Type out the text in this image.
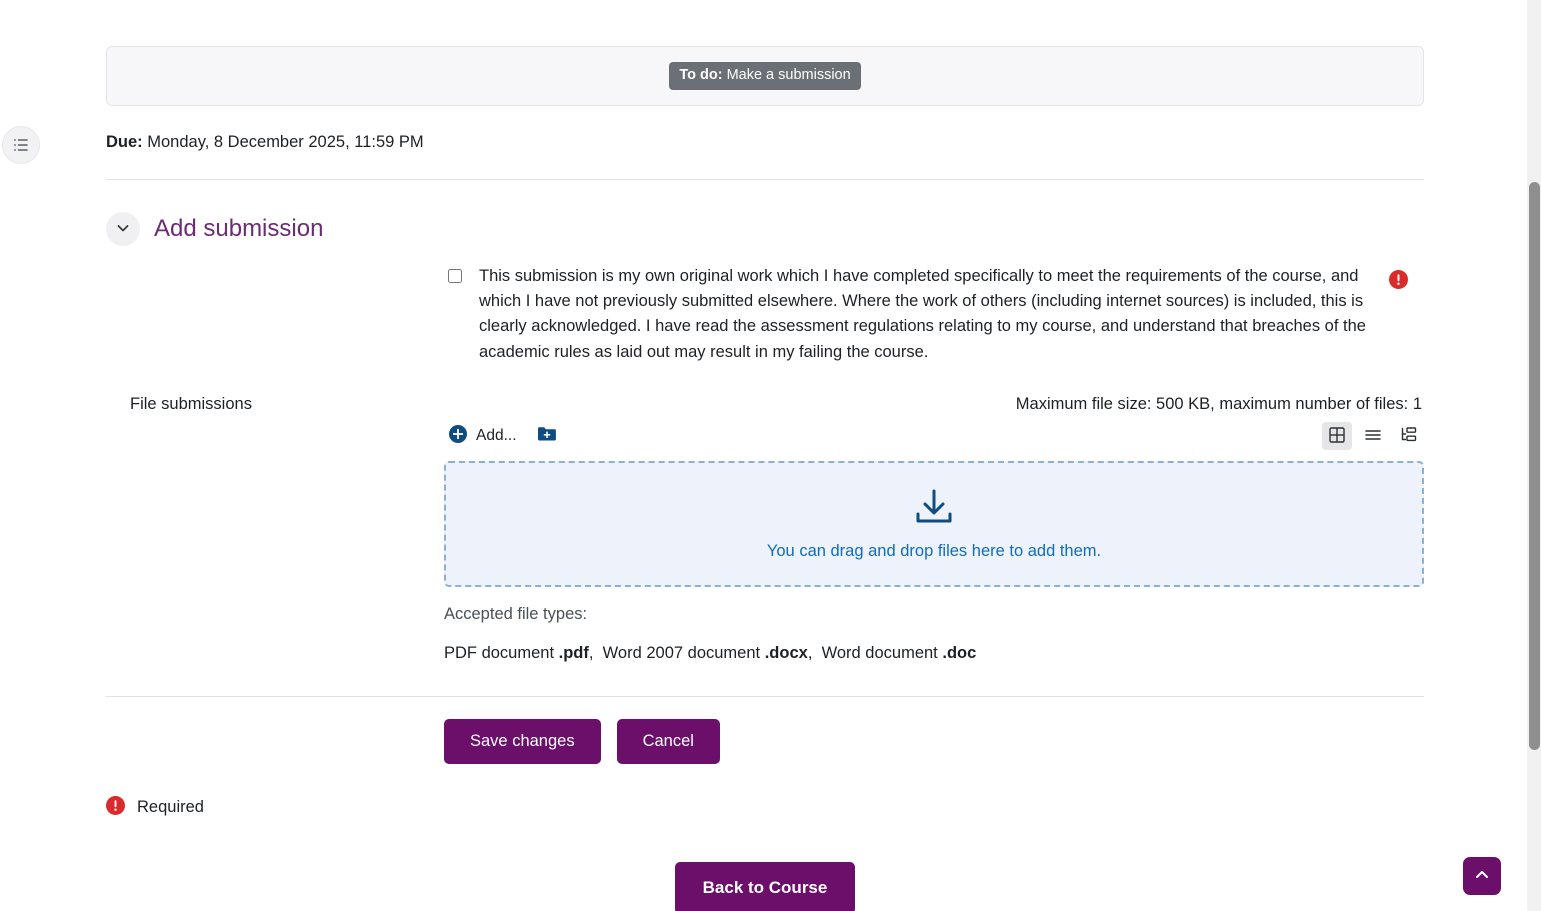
To do: Make a submission
Due: Monday, 8 December 2025, 11:59 PM
Add submission
This submission is my own original work which I have completed specifically to meet the requirements of the course, and which I have not previously submitted elsewhere. Where the work of others (including internet sources) is included, this is clearly acknowledged. I have read the assessment regulations relating to my course, and understand that breaches of the academic rules as laid out may result in my failing the course.
File submissions	Maximum file size: 500 KB, maximum number of files: 1
Add...
You can drag and drop files here to add them.
Accepted file types:
PDF document .pdf, Word 2007 document .docx, Word document .doc
Save changes	Cancel
Required
Back to Course
